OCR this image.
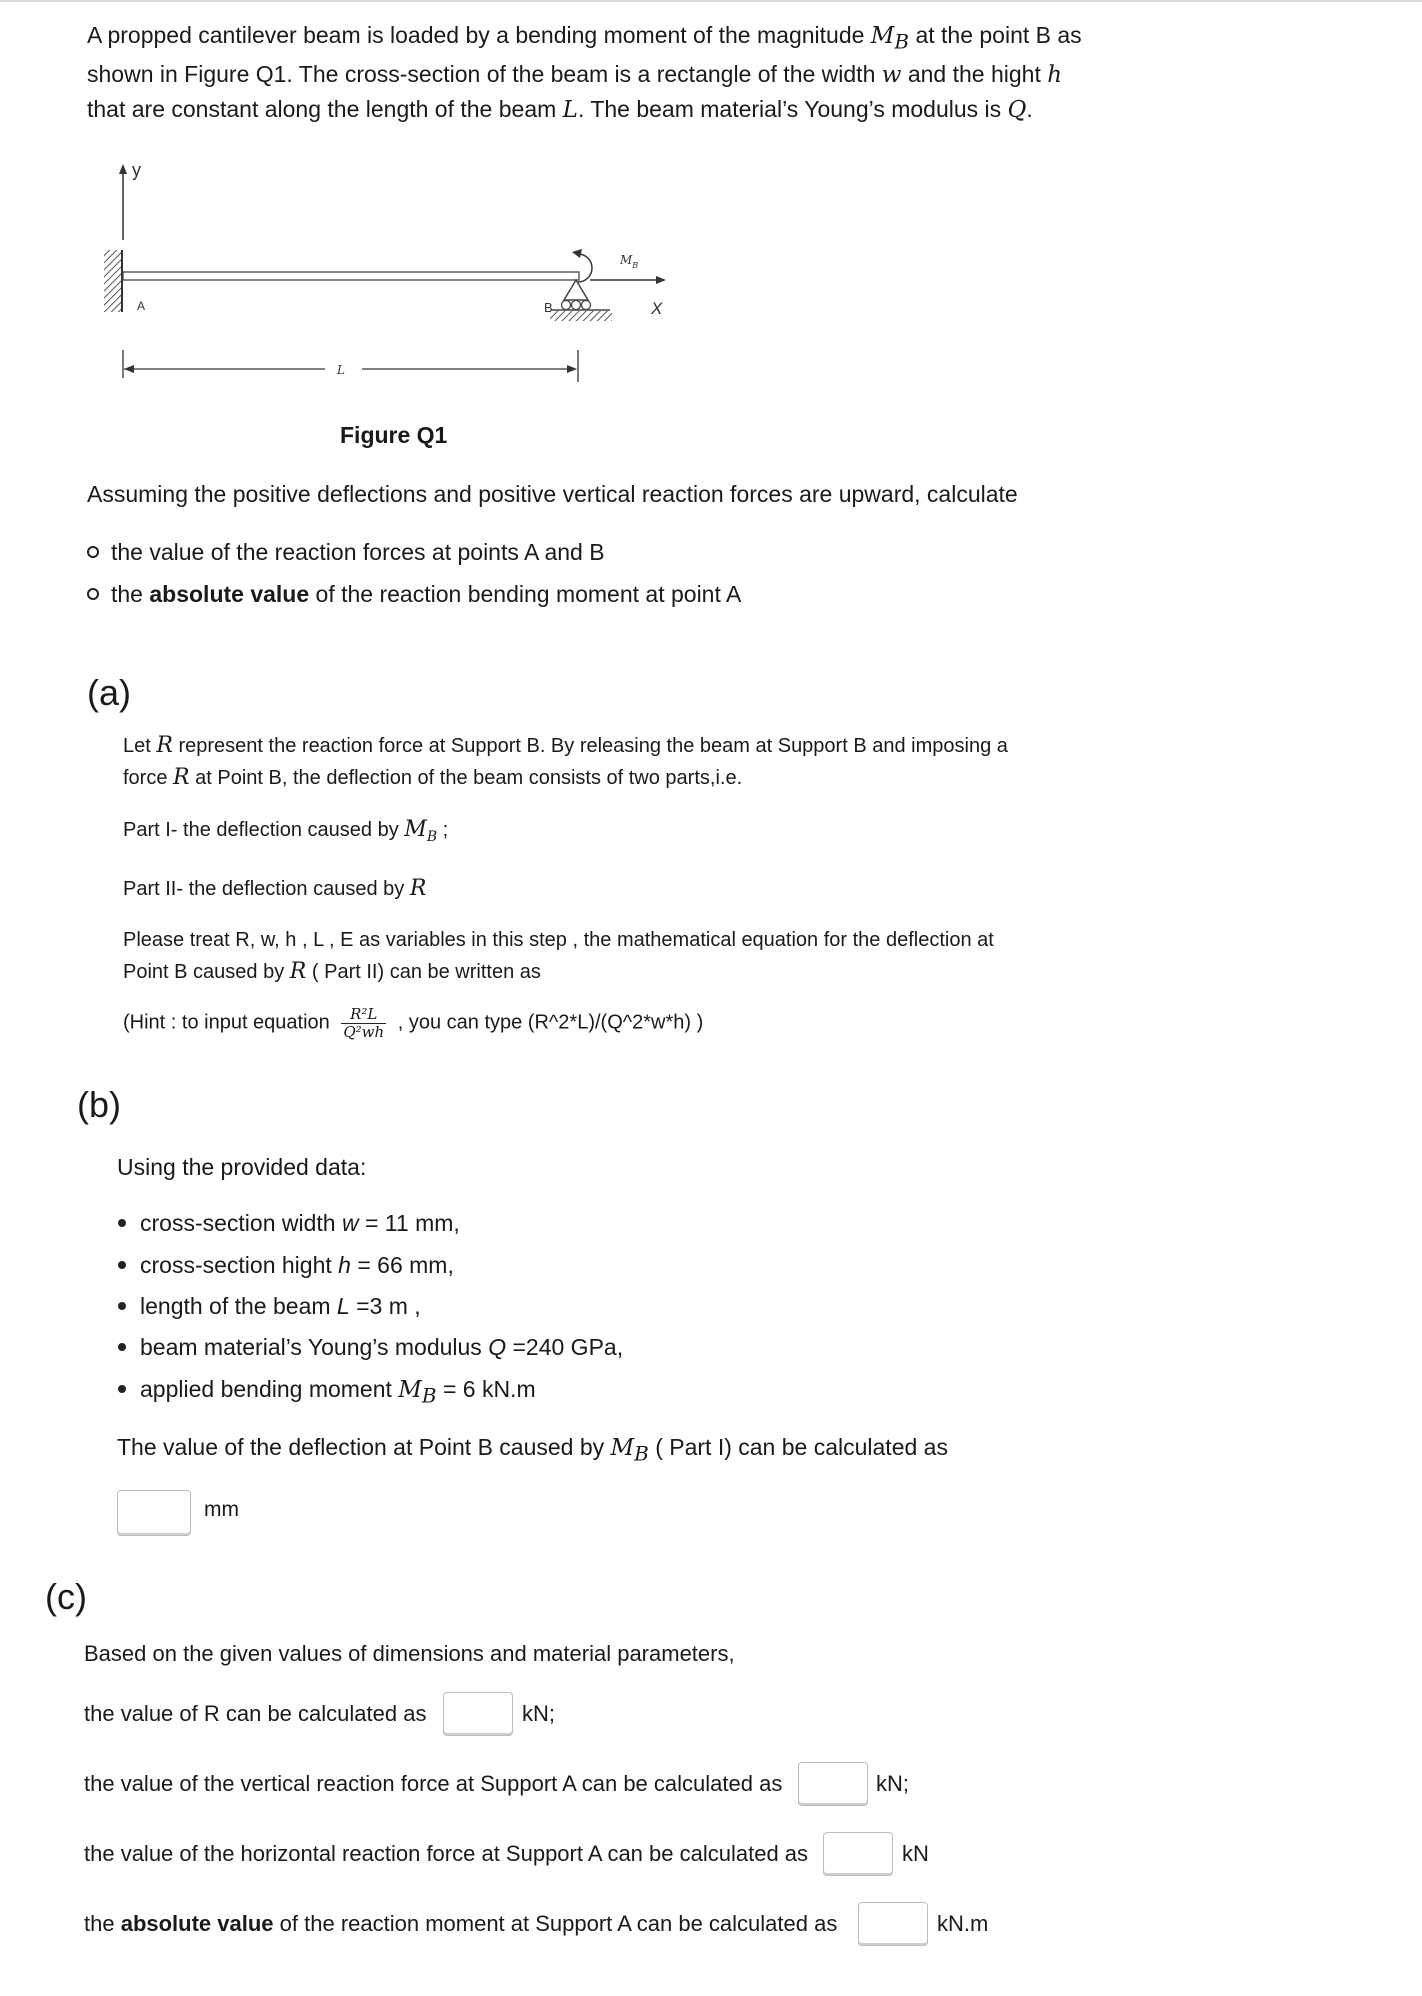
A propped cantilever beam is loaded by a bending moment of the magnitude $M_B$ at the point B as
shown in Figure Q1. The cross-section of the beam is a rectangle of the width w and the hight h
that are constant along the length of the beam L. The beam material’s Young’s modulus is Q.
y
A	B
$M_B$
X
L
Figure Q1
Assuming the positive deflections and positive vertical reaction forces are upward, calculate
the value of the reaction forces at points A and B
the absolute value of the reaction bending moment at point A
(a)
Let R represent the reaction force at Support B. By releasing the beam at Support B and imposing a
force R at Point B, the deflection of the beam consists of two parts,i.e.
Part I- the deflection caused by $M_B$ ;
Part II- the deflection caused by R
Please treat R, w, h , L , E as variables in this step , the mathematical equation for the deflection at
Point B caused by R ( Part II) can be written as
(Hint : to input equation $\frac{\text{R²L}}{\text{Q²wh}}$ , you can type (R^2*L)/(Q^2*w*h) )
(b)
Using the provided data:
cross-section width w = 11 mm,
cross-section hight h = 66 mm,
length of the beam L =3 m ,
beam material’s Young’s modulus Q =240 GPa,
applied bending moment $M_B = 6$ kN.m
The value of the deflection at Point B caused by $M_B$ ( Part I) can be calculated as
mm
(c)
Based on the given values of dimensions and material parameters,
the value of R can be calculated as	kN;
the value of the vertical reaction force at Support A can be calculated as	kN;
the value of the horizontal reaction force at Support A can be calculated as	kN
the absolute value of the reaction moment at Support A can be calculated as	kN.m
